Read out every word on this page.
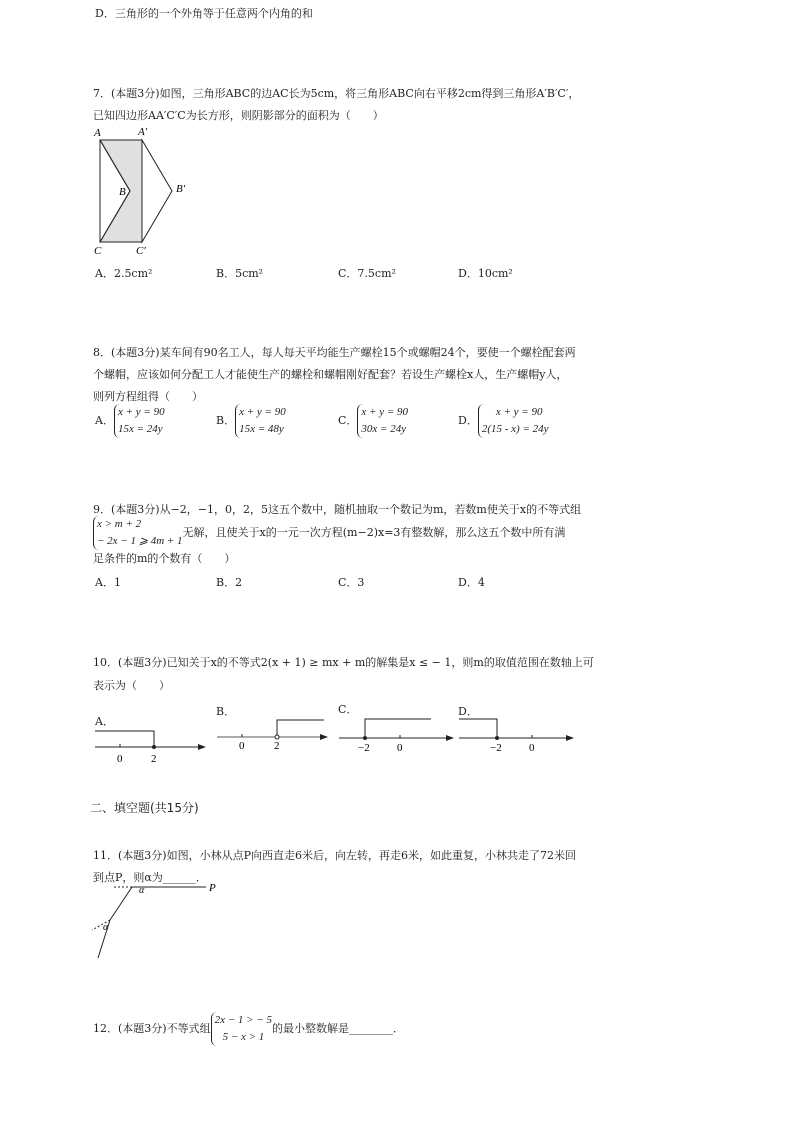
D．三角形的一个外角等于任意两个内角的和
7．(本题3分)如图，三角形ABC的边AC长为5cm，将三角形ABC向右平移2cm得到三角形A′B′C′，
已知四边形AA′C′C为长方形，则阴影部分的面积为（　　）
A	A′
B	B′
C	C′
A．2.5cm²	B．5cm²	C．7.5cm²	D．10cm²
8．(本题3分)某车间有90名工人，每人每天平均能生产螺栓15个或螺帽24个，要使一个螺栓配套两
个螺帽，应该如何分配工人才能使生产的螺栓和螺帽刚好配套？若设生产螺栓x人，生产螺帽y人，
则列方程组得（　　）
A．x + y = 90
15x = 24y
B．x + y = 90
15x = 48y
C．x + y = 90
30x = 24y
D．x + y = 90
2(15 - x) = 24y
9．(本题3分)从−2，−1，0，2，5这五个数中，随机抽取一个数记为m，若数m使关于x的不等式组
x > m + 2
− 2x − 1 ⩾ 4m + 1无解，且使关于x的一元一次方程(m−2)x=3有整数解，那么这五个数中所有满
足条件的m的个数有（　　）
A．1	B．2	C．3	D．4
10．(本题3分)已知关于x的不等式2(x + 1) ≥ mx + m的解集是x ≤ − 1，则m的取值范围在数轴上可
表示为（　　）
A．
0	2
B．
0	2
C．
−2 0
D．
−2 0
二、填空题(共15分)
11．(本题3分)如图，小林从点P向西直走6米后，向左转，再走6米，如此重复，小林共走了72米回
到点P，则α为______．
P
α
α
12．(本题3分)不等式组2x − 1 > − 5
5 − x > 1的最小整数解是________．
